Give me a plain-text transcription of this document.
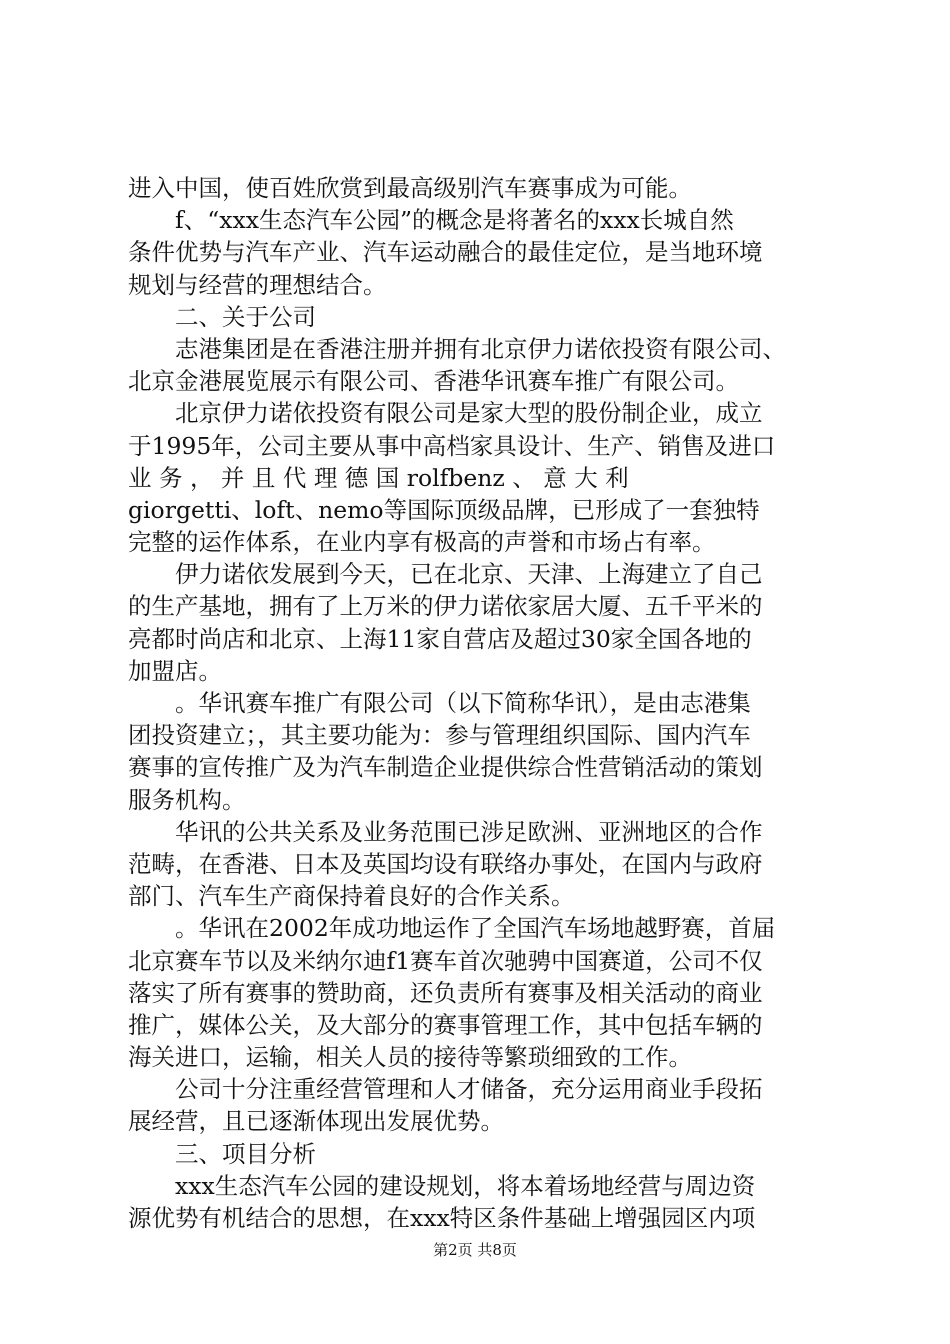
进入中国，使百姓欣赏到最高级别汽车赛事成为可能。
　　f、“xxx生态汽车公园”的概念是将著名的xxx长城自然
条件优势与汽车产业、汽车运动融合的最佳定位，是当地环境
规划与经营的理想结合。
　　二、关于公司
　　志港集团是在香港注册并拥有北京伊力诺依投资有限公司、
北京金港展览展示有限公司、香港华讯赛车推广有限公司。
　　北京伊力诺依投资有限公司是家大型的股份制企业，成立
于1995年，公司主要从事中高档家具设计、生产、销售及进口
业 务 ， 并 且 代 理 德 国 rolfbenz 、 意 大 利
giorgetti、loft、nemo等国际顶级品牌，已形成了一套独特
完整的运作体系，在业内享有极高的声誉和市场占有率。
　　伊力诺依发展到今天，已在北京、天津、上海建立了自己
的生产基地，拥有了上万米的伊力诺依家居大厦、五千平米的
亮都时尚店和北京、上海11家自营店及超过30家全国各地的
加盟店。
　　。华讯赛车推广有限公司（以下简称华讯），是由志港集
团投资建立；，其主要功能为：参与管理组织国际、国内汽车
赛事的宣传推广及为汽车制造企业提供综合性营销活动的策划
服务机构。
　　华讯的公共关系及业务范围已涉足欧洲、亚洲地区的合作
范畴，在香港、日本及英国均设有联络办事处，在国内与政府
部门、汽车生产商保持着良好的合作关系。
　　。华讯在2002年成功地运作了全国汽车场地越野赛，首届
北京赛车节以及米纳尔迪f1赛车首次驰骋中国赛道，公司不仅
落实了所有赛事的赞助商，还负责所有赛事及相关活动的商业
推广，媒体公关，及大部分的赛事管理工作，其中包括车辆的
海关进口，运输，相关人员的接待等繁琐细致的工作。
　　公司十分注重经营管理和人才储备，充分运用商业手段拓
展经营，且已逐渐体现出发展优势。
　　三、项目分析
　　xxx生态汽车公园的建设规划，将本着场地经营与周边资
源优势有机结合的思想，在xxx特区条件基础上增强园区内项
第2页 共8页
